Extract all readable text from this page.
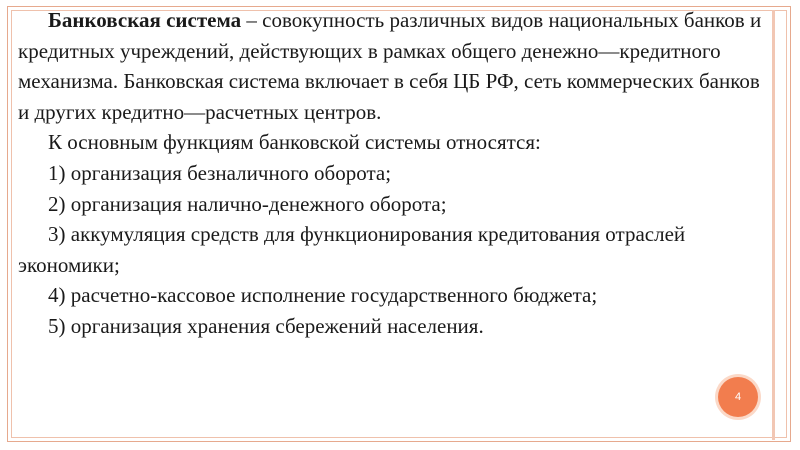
Банковская система – совокупность различных видов национальных банков и кредитных учреждений, действующих в рамках общего денежно—кредитного механизма. Банковская система включает в себя ЦБ РФ, сеть коммерческих банков и других кредитно—расчетных центров.

К основным функциям банковской системы относятся:

1) организация безналичного оборота;

2) организация налично-денежного оборота;

3) аккумуляция средств для функционирования кредитования отраслей экономики;

4) расчетно-кассовое исполнение государственного бюджета;

5) организация хранения сбережений населения.

4
